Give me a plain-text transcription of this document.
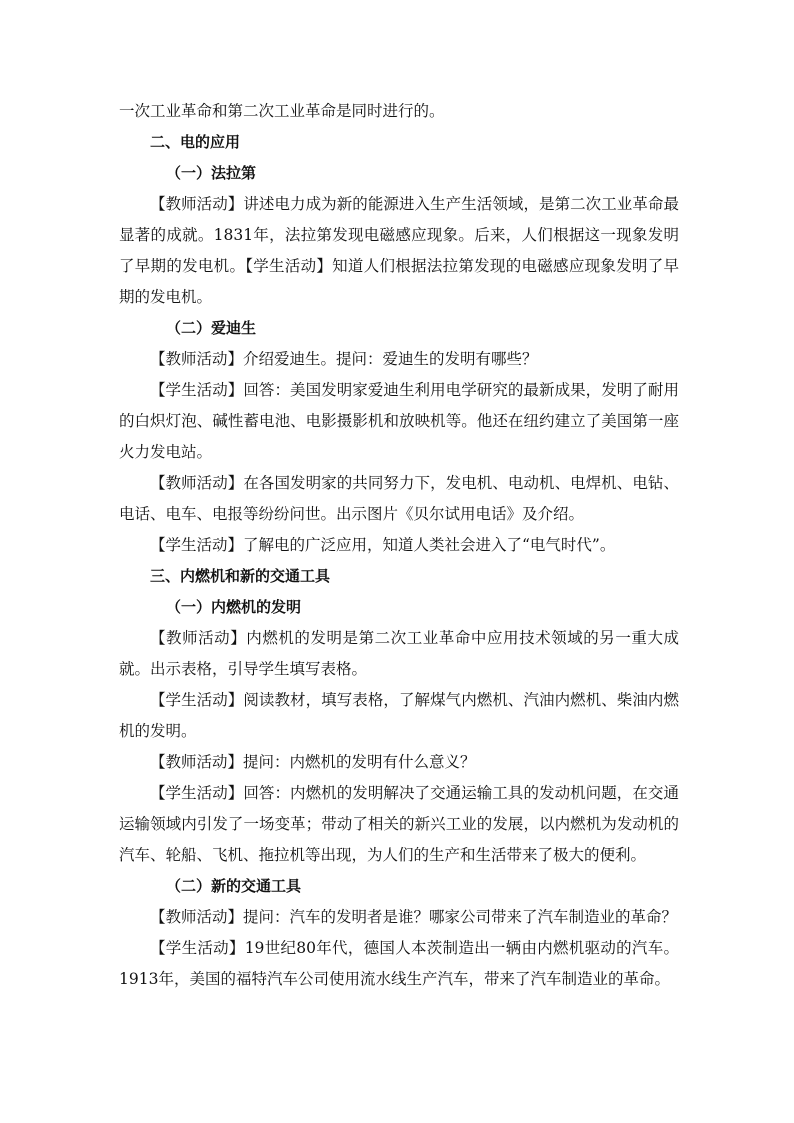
一次工业革命和第二次工业革命是同时进行的。

二、电的应用

（一）法拉第

【教师活动】讲述电力成为新的能源进入生产生活领域，是第二次工业革命最显著的成就。1831年，法拉第发现电磁感应现象。后来，人们根据这一现象发明了早期的发电机。【学生活动】知道人们根据法拉第发现的电磁感应现象发明了早期的发电机。

（二）爱迪生

【教师活动】介绍爱迪生。提问：爱迪生的发明有哪些？

【学生活动】回答：美国发明家爱迪生利用电学研究的最新成果，发明了耐用的白炽灯泡、碱性蓄电池、电影摄影机和放映机等。他还在纽约建立了美国第一座火力发电站。

【教师活动】在各国发明家的共同努力下，发电机、电动机、电焊机、电钻、电话、电车、电报等纷纷问世。出示图片《贝尔试用电话》及介绍。

【学生活动】了解电的广泛应用，知道人类社会进入了“电气时代”。

三、内燃机和新的交通工具

（一）内燃机的发明

【教师活动】内燃机的发明是第二次工业革命中应用技术领域的另一重大成就。出示表格，引导学生填写表格。

【学生活动】阅读教材，填写表格，了解煤气内燃机、汽油内燃机、柴油内燃机的发明。

【教师活动】提问：内燃机的发明有什么意义？

【学生活动】回答：内燃机的发明解决了交通运输工具的发动机问题，在交通运输领域内引发了一场变革；带动了相关的新兴工业的发展，以内燃机为发动机的汽车、轮船、飞机、拖拉机等出现，为人们的生产和生活带来了极大的便利。

（二）新的交通工具

【教师活动】提问：汽车的发明者是谁？哪家公司带来了汽车制造业的革命？

【学生活动】19世纪80年代，德国人本茨制造出一辆由内燃机驱动的汽车。1913年，美国的福特汽车公司使用流水线生产汽车，带来了汽车制造业的革命。
